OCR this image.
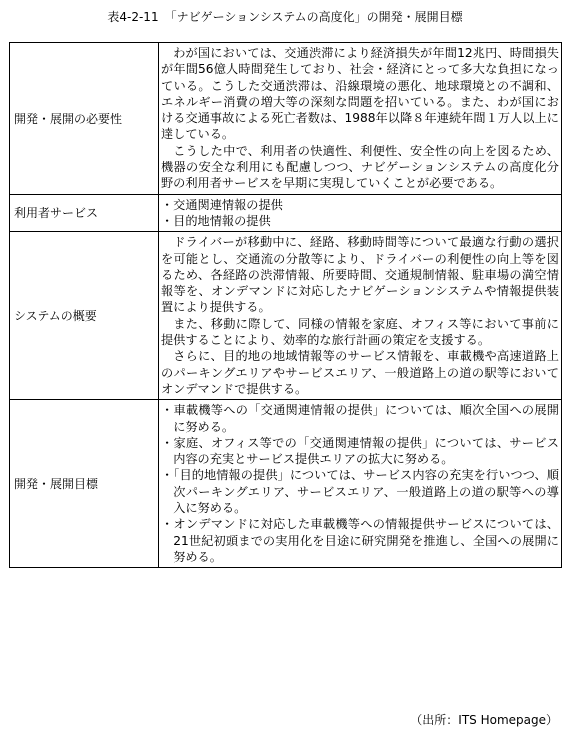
表4-2-11　「ナビゲーションシステムの高度化」の開発・展開目標
開発・展開の必要性	わが国においては、交通渋滞により経済損失が年間12兆円、時間損失が年間56億人時間発生しており、社会・経済にとって多大な負担になっている。こうした交通渋滞は、沿線環境の悪化、地球環境との不調和、エネルギー消費の増大等の深刻な問題を招いている。また、わが国における交通事故による死亡者数は、1988年以降８年連続年間１万人以上に達している。
こうした中で、利用者の快適性、利便性、安全性の向上を図るため、機器の安全な利用にも配慮しつつ、ナビゲーションシステムの高度化分野の利用者サービスを早期に実現していくことが必要である。

利用者サービス	・交通関連情報の提供
・目的地情報の提供

システムの概要	ドライバーが移動中に、経路、移動時間等について最適な行動の選択を可能とし、交通流の分散等により、ドライバーの利便性の向上等を図るため、各経路の渋滞情報、所要時間、交通規制情報、駐車場の満空情報等を、オンデマンドに対応したナビゲーションシステムや情報提供装置により提供する。
また、移動に際して、同様の情報を家庭、オフィス等において事前に提供することにより、効率的な旅行計画の策定を支援する。
さらに、目的地の地域情報等のサービス情報を、車載機や高速道路上のパーキングエリアやサービスエリア、一般道路上の道の駅等においてオンデマンドで提供する。

開発・展開目標	・車載機等への「交通関連情報の提供」については、順次全国への展開に努める。
・家庭、オフィス等での「交通関連情報の提供」については、サービス内容の充実とサービス提供エリアの拡大に努める。
・「目的地情報の提供」については、サービス内容の充実を行いつつ、順次パーキングエリア、サービスエリア、一般道路上の道の駅等への導入に努める。
・オンデマンドに対応した車載機等への情報提供サービスについては、21世紀初頭までの実用化を目途に研究開発を推進し、全国への展開に努める。
（出所：ITS Homepage）
